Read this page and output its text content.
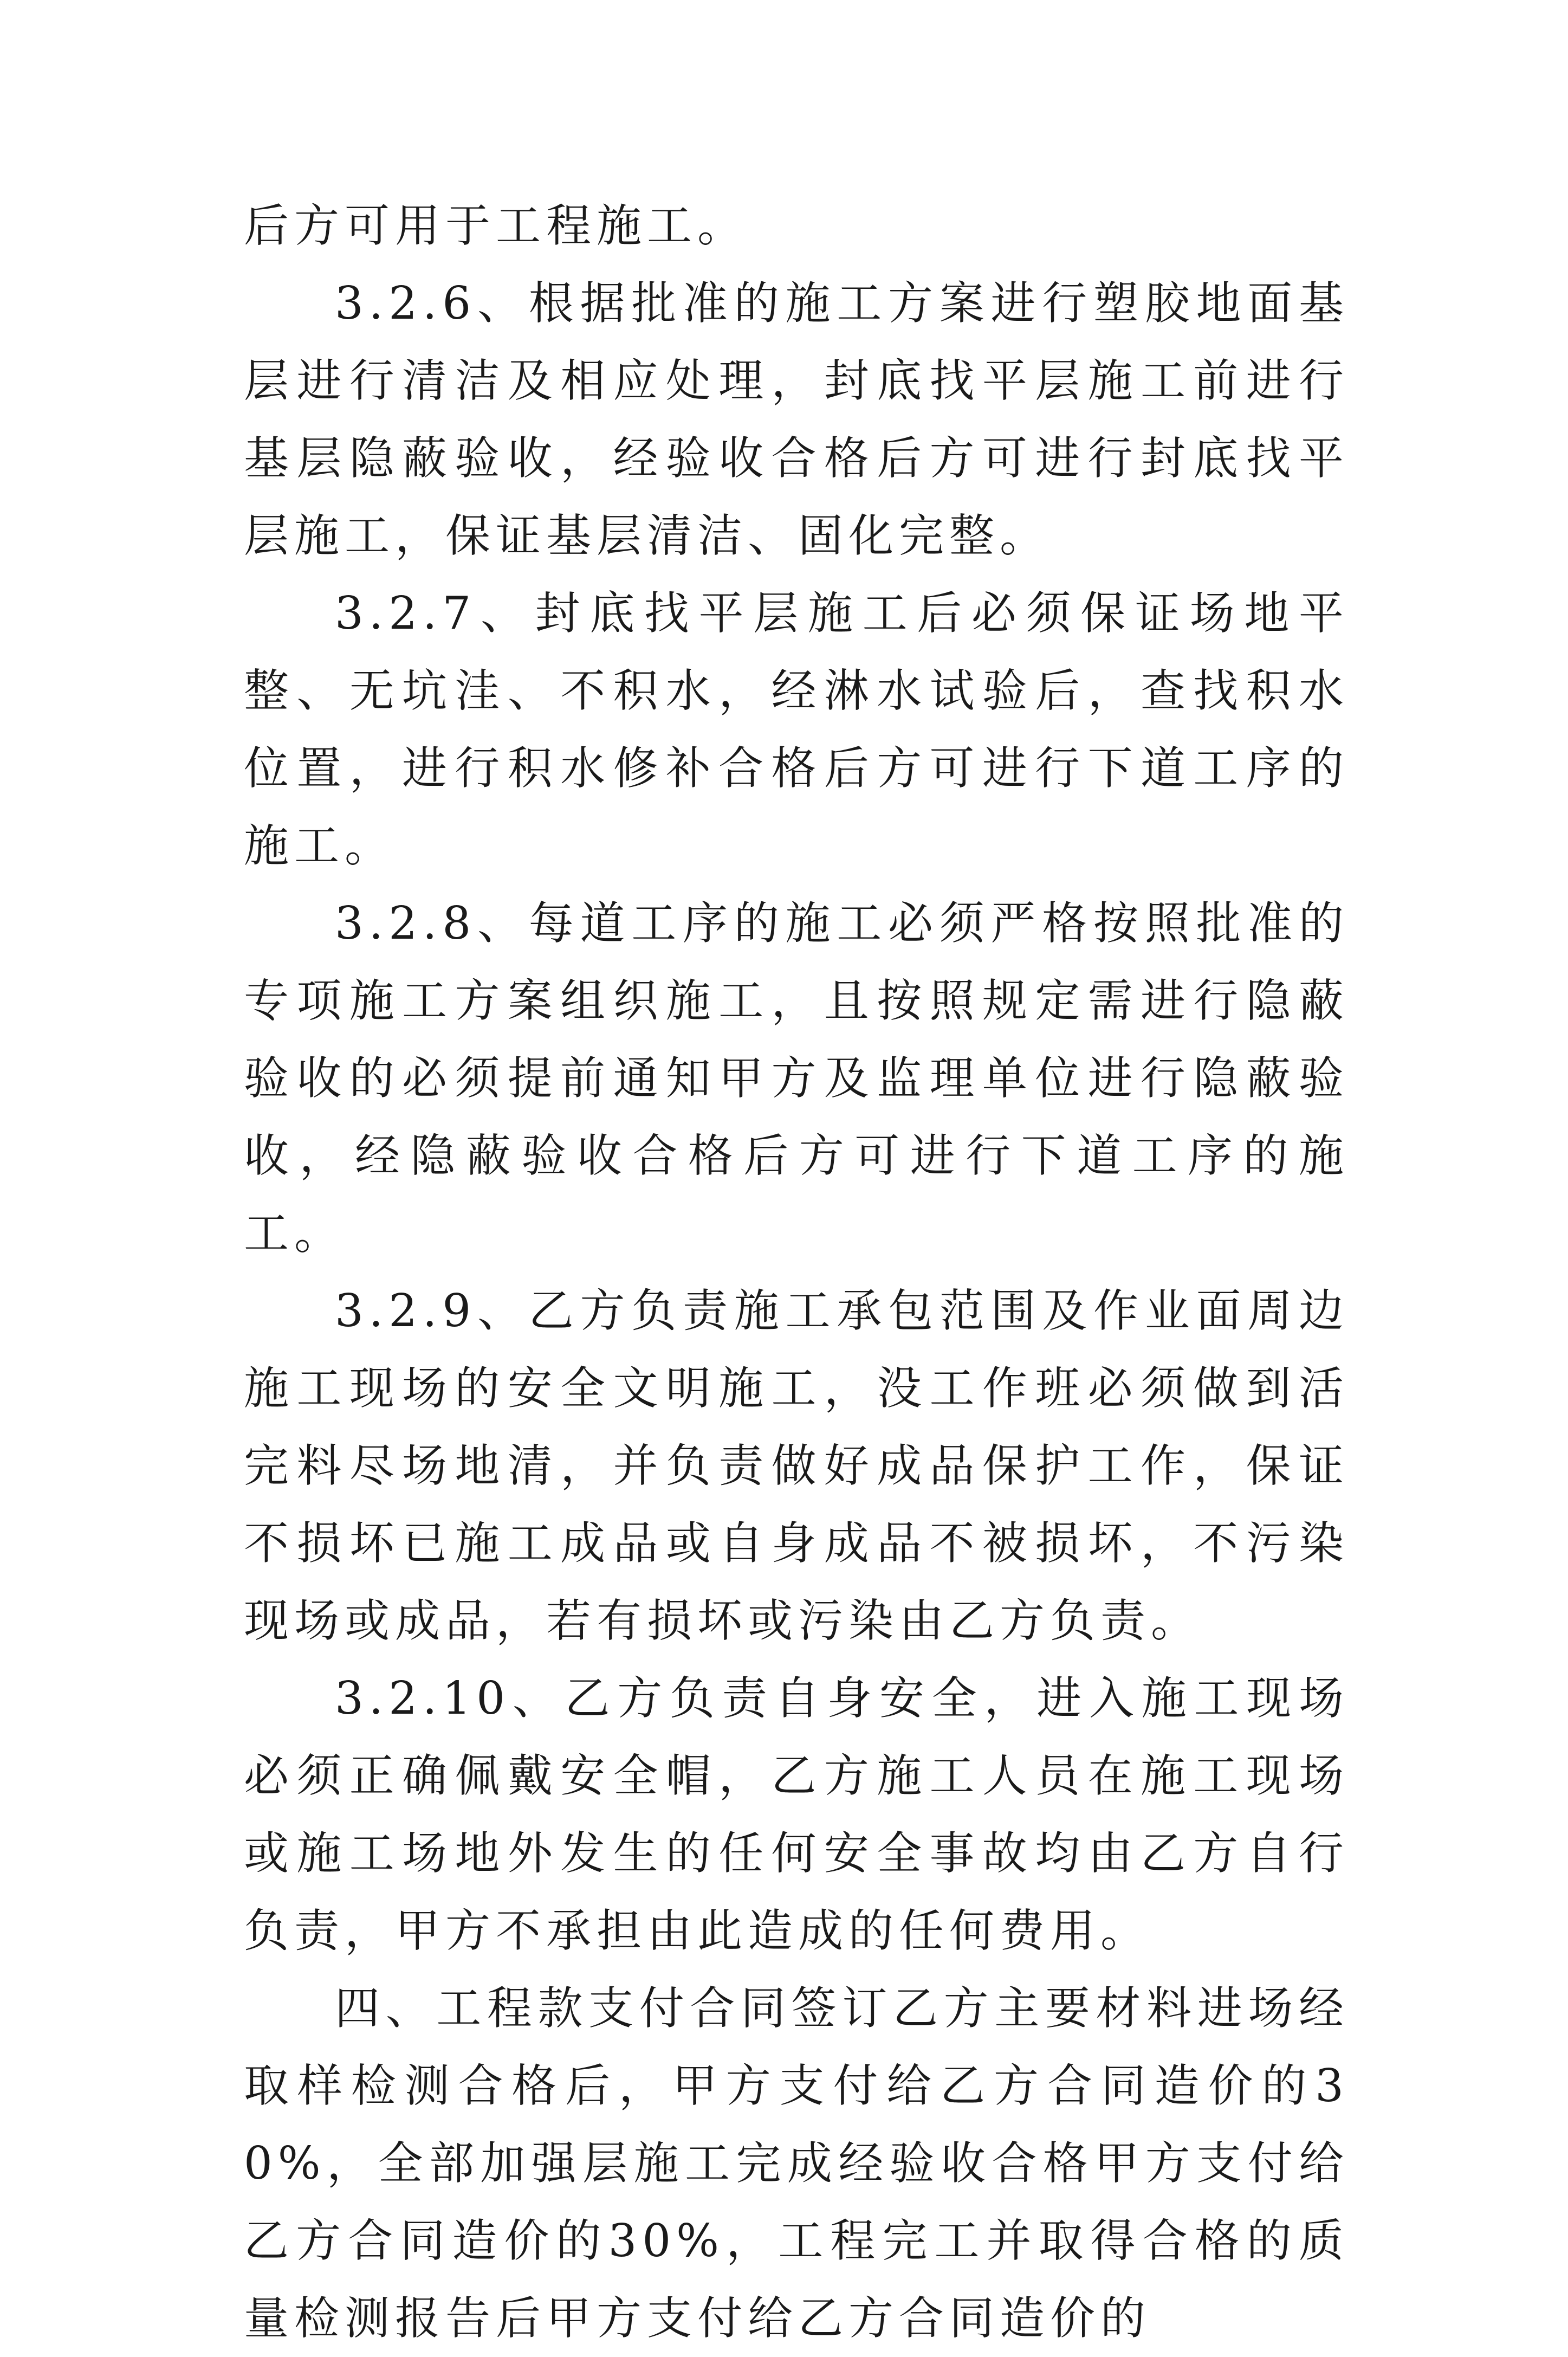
后方可用于工程施工。

3.2.6、根据批准的施工方案进行塑胶地面基层进行清洁及相应处理，封底找平层施工前进行基层隐蔽验收，经验收合格后方可进行封底找平层施工，保证基层清洁、固化完整。

3.2.7、封底找平层施工后必须保证场地平整、无坑洼、不积水，经淋水试验后，查找积水位置，进行积水修补合格后方可进行下道工序的施工。

3.2.8、每道工序的施工必须严格按照批准的专项施工方案组织施工，且按照规定需进行隐蔽验收的必须提前通知甲方及监理单位进行隐蔽验收，经隐蔽验收合格后方可进行下道工序的施工。

3.2.9、乙方负责施工承包范围及作业面周边施工现场的安全文明施工，没工作班必须做到活完料尽场地清，并负责做好成品保护工作，保证不损坏已施工成品或自身成品不被损坏，不污染现场或成品，若有损坏或污染由乙方负责。

3.2.10、乙方负责自身安全，进入施工现场必须正确佩戴安全帽，乙方施工人员在施工现场或施工场地外发生的任何安全事故均由乙方自行负责，甲方不承担由此造成的任何费用。

四、工程款支付合同签订乙方主要材料进场经取样检测合格后，甲方支付给乙方合同造价的30%，全部加强层施工完成经验收合格甲方支付给乙方合同造价的30%，工程完工并取得合格的质量检测报告后甲方支付给乙方合同造价的
